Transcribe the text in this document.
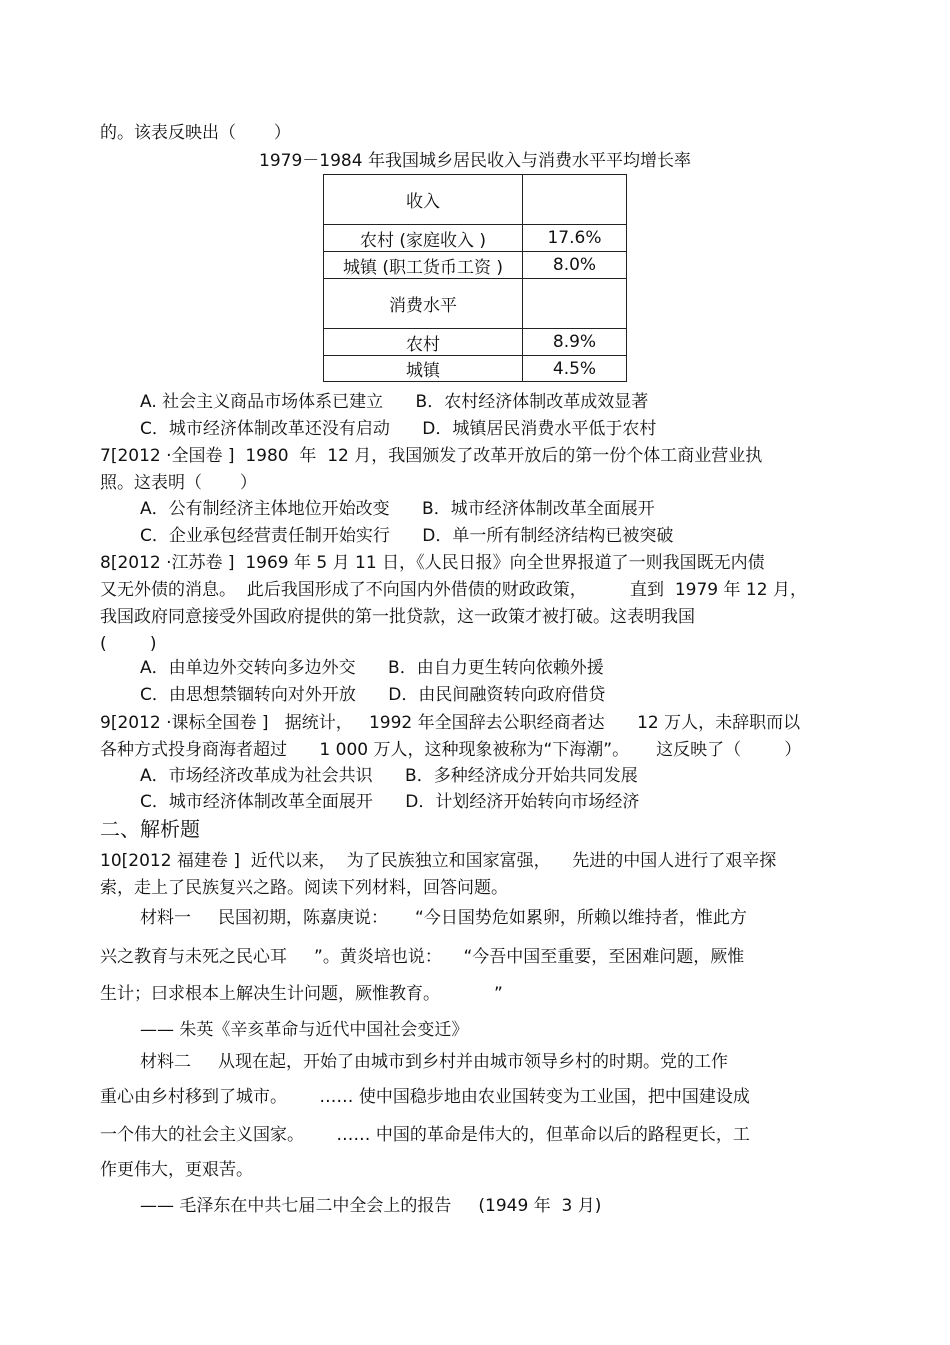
的。该表反映出（       ）
1979－1984 年我国城乡居民收入与消费水平平均增长率
收入	
农村 (家庭收入 )	17.6%
城镇 (职工货币工资 )	8.0%
消费水平	
农村	8.9%
城镇	4.5%
A. 社会主义商品市场体系已建立      B．农村经济体制改革成效显著
C．城市经济体制改革还没有启动      D．城镇居民消费水平低于农村
7[2012 ·全国卷 ]  1980  年  12 月，我国颁发了改革开放后的第一份个体工商业营业执
照。这表明（       ）
A．公有制经济主体地位开始改变      B．城市经济体制改革全面展开
C．企业承包经营责任制开始实行      D．单一所有制经济结构已被突破
8[2012 ·江苏卷 ]  1969 年 5 月 11 日，《人民日报》向全世界报道了一则我国既无内债
又无外债的消息。  此后我国形成了不向国内外借债的财政政策，        直到  1979 年 12 月，
我国政府同意接受外国政府提供的第一批贷款，这一政策才被打破。这表明我国
(        )
A．由单边外交转向多边外交      B．由自力更生转向依赖外援
C．由思想禁锢转向对外开放      D．由民间融资转向政府借贷
9[2012 ·课标全国卷 ]   据统计，   1992 年全国辞去公职经商者达      12 万人，未辞职而以
各种方式投身商海者超过      1 000 万人，这种现象被称为“下海潮”。     这反映了（        ）
A．市场经济改革成为社会共识      B．多种经济成分开始共同发展
C．城市经济体制改革全面展开      D．计划经济开始转向市场经济
二、解析题
10[2012 福建卷 ]  近代以来，  为了民族独立和国家富强，    先进的中国人进行了艰辛探
索，走上了民族复兴之路。阅读下列材料，回答问题。
材料一     民国初期，陈嘉庚说：     “今日国势危如累卵，所赖以维持者，惟此方
兴之教育与未死之民心耳     ”。黄炎培也说：    “今吾中国至重要，至困难问题，厥惟
生计；曰求根本上解决生计问题，厥惟教育。          ”
—— 朱英《辛亥革命与近代中国社会变迁》
材料二     从现在起，开始了由城市到乡村并由城市领导乡村的时期。党的工作
重心由乡村移到了城市。      …… 使中国稳步地由农业国转变为工业国，把中国建设成
一个伟大的社会主义国家。      …… 中国的革命是伟大的，但革命以后的路程更长，工
作更伟大，更艰苦。
—— 毛泽东在中共七届二中全会上的报告     (1949 年  3 月)
